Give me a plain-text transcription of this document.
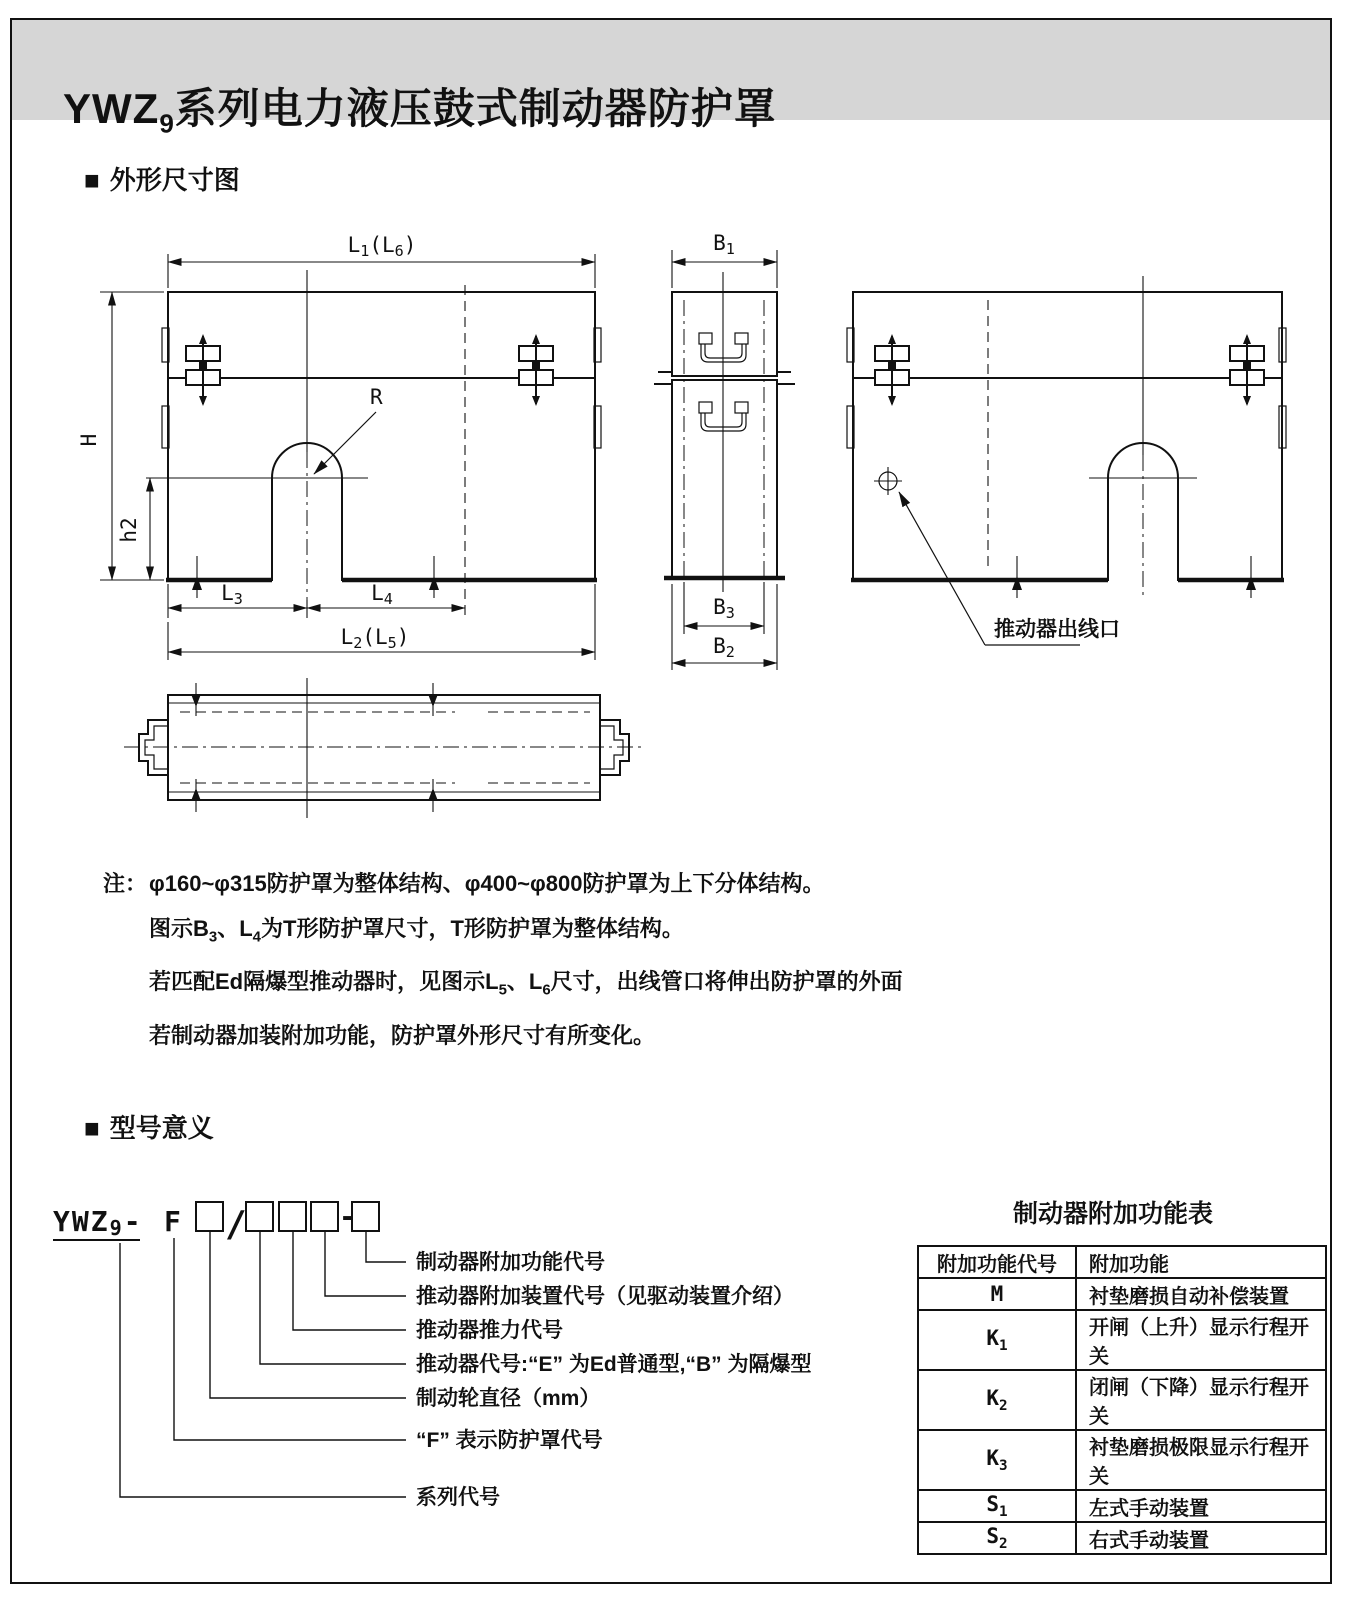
$YWZ_9$系列电力液压鼓式制动器防护罩
■ 外形尺寸图
L1(L6)
H
h2
R
L3	L4
L2(L5)
B1
B3
B2
推动器出线口
YWZ9- F /	-
制动器附加功能代号
推动器附加装置代号（见驱动装置介绍）
推动器推力代号
推动器代号:“E” 为Ed普通型,“B” 为隔爆型
制动轮直径（mm）
“F” 表示防护罩代号
系列代号
注： φ160~φ315防护罩为整体结构、φ400~φ800防护罩为上下分体结构。
图示$B_3$、$L_4$为T形防护罩尺寸，T形防护罩为整体结构。
若匹配Ed隔爆型推动器时，见图示$L_5$、$L_6$尺寸，出线管口将伸出防护罩的外面
若制动器加装附加功能，防护罩外形尺寸有所变化。
■ 型号意义
制动器附加功能表
附加功能代号	附加功能
M	衬垫磨损自动补偿装置
$K_1$	开闸（上升）显示行程开关
$K_2$	闭闸（下降）显示行程开关
$K_3$	衬垫磨损极限显示行程开关
$S_1$	左式手动装置
$S_2$	右式手动装置
